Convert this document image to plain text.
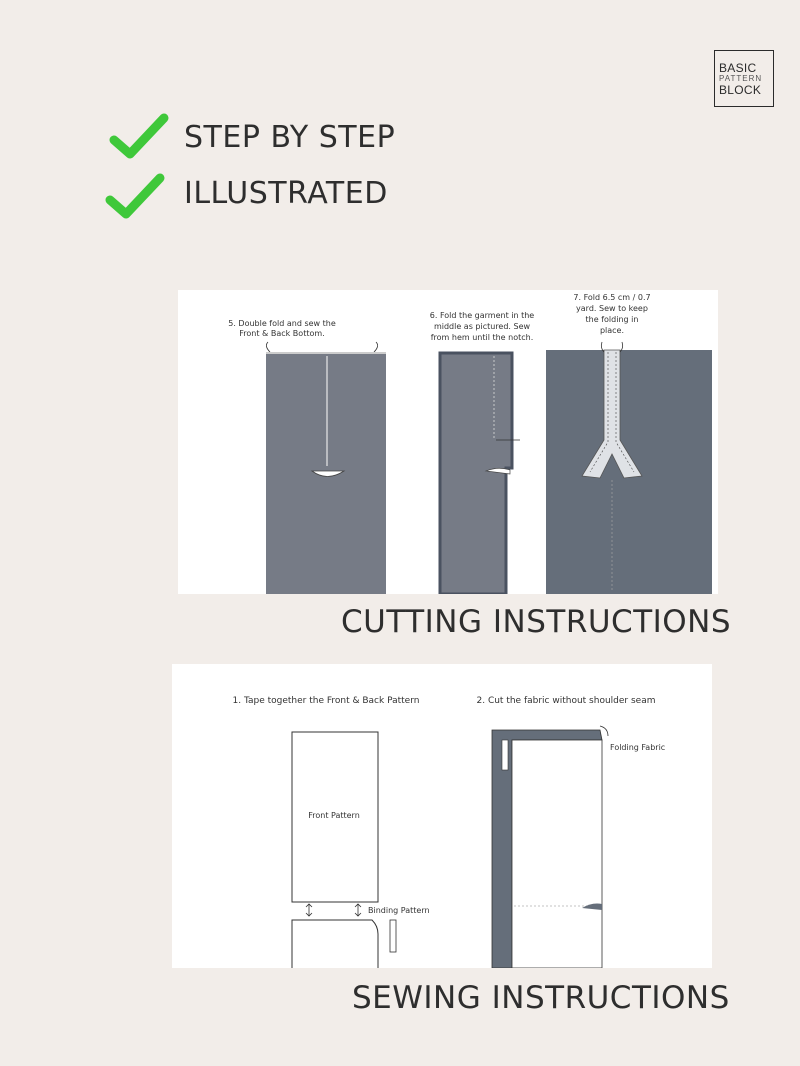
BASIC
PATTERN
BLOCK
STEP BY STEP
ILLUSTRATED
5. Double fold and sew the
Front & Back Bottom.
6. Fold the garment in the
middle as pictured. Sew
from hem until the notch.
7. Fold 6.5 cm / 0.7
yard. Sew to keep
the folding in
place.
CUTTING INSTRUCTIONS
1. Tape together the Front & Back Pattern
Front Pattern
Binding Pattern
2. Cut the fabric without shoulder seam
Folding Fabric
SEWING INSTRUCTIONS
